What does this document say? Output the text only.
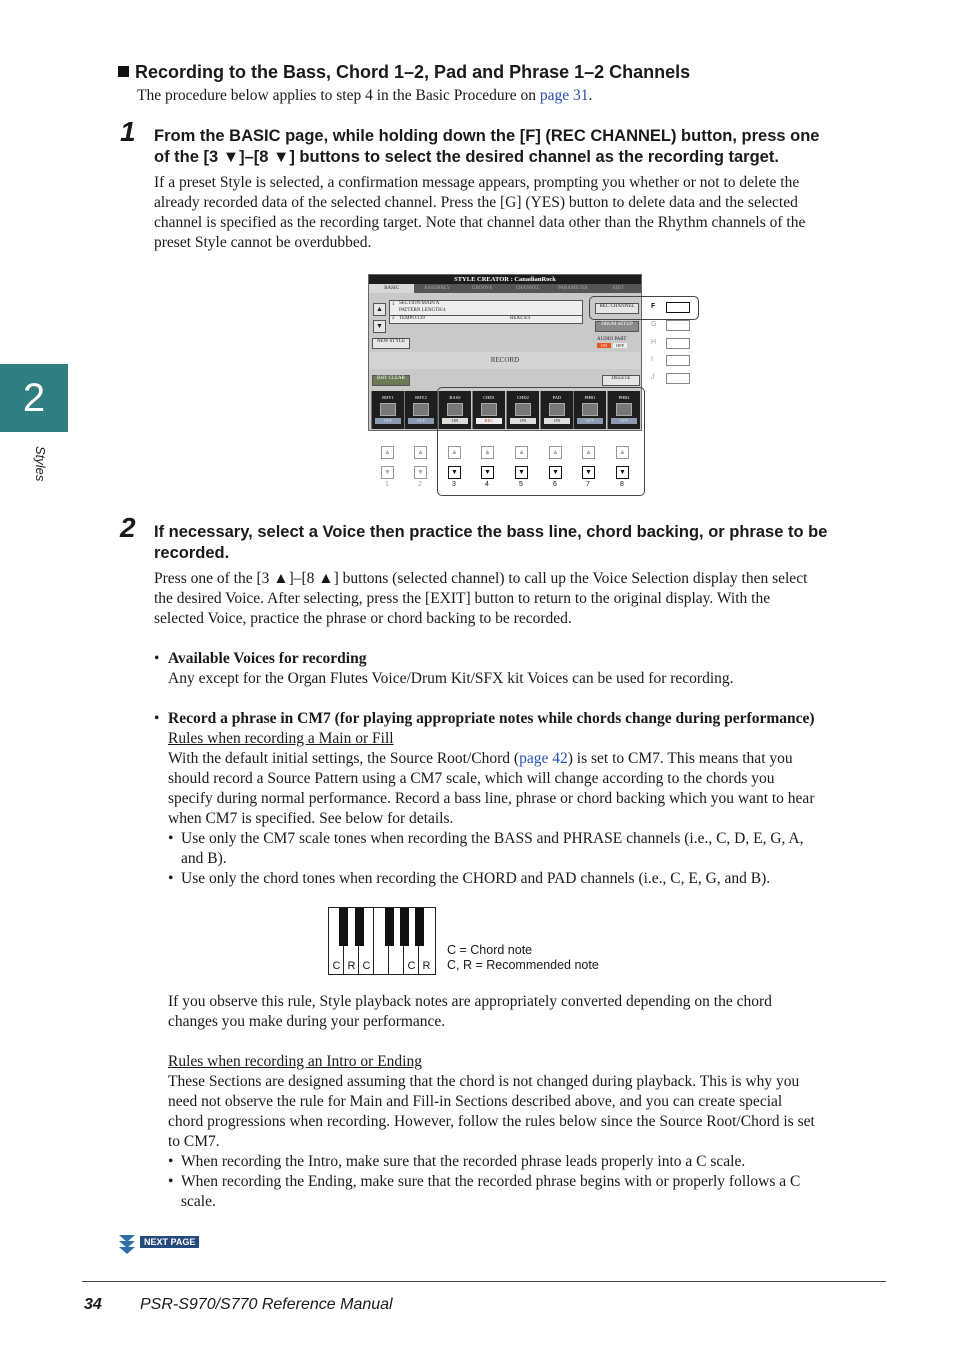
Recording to the Bass, Chord 1–2, Pad and Phrase 1–2 Channels
The procedure below applies to step 4 in the Basic Procedure on page 31.
2
Styles
1 From the BASIC page, while holding down the [F] (REC CHANNEL) button, press one
of the [3 ▼]–[8 ▼] buttons to select the desired channel as the recording target.
If a preset Style is selected, a confirmation message appears, prompting you whether or not to delete the
already recorded data of the selected channel. Press the [G] (YES) button to delete data and the selected
channel is specified as the recording target. Note that channel data other than the Rhythm channels of the
preset Style cannot be overdubbed.
STYLE CREATOR : CanadianRock
BASIC	ASSEMBLY	GROOVE	CHANNEL	PARAMETER	EDIT
▲
▼
1 SECTION:MAIN A
PATTERN LENGTH:4
2 TEMPO:139	BEAT:4/4
REC CHANNEL
DRUM SETUP
AUDIO PART
ON	OFF
NEW STYLE
RECORD
RHY CLEAR	DELETE
RHY1
OFF
RHY2
OFF
BASS
ON
CHD1
REC
CHD2
ON
PAD
ON
PHR1
OFF
PHR2
OFF
F
G
H
I
J
▲
▼
1
▲
▼
2
▲
▼
3
▲
▼
4
▲
▼
5
▲
▼
6
▲
▼
7
▲
▼
8
2 If necessary, select a Voice then practice the bass line, chord backing, or phrase to be
recorded.
Press one of the [3 ▲]–[8 ▲] buttons (selected channel) to call up the Voice Selection display then select
the desired Voice. After selecting, press the [EXIT] button to return to the original display. With the
selected Voice, practice the phrase or chord backing to be recorded.
• Available Voices for recording
Any except for the Organ Flutes Voice/Drum Kit/SFX kit Voices can be used for recording.
• Record a phrase in CM7 (for playing appropriate notes while chords change during performance)
Rules when recording a Main or Fill
With the default initial settings, the Source Root/Chord (page 42) is set to CM7. This means that you
should record a Source Pattern using a CM7 scale, which will change according to the chords you
specify during normal performance. Record a bass line, phrase or chord backing which you want to hear
when CM7 is specified. See below for details.
• Use only the CM7 scale tones when recording the BASS and PHRASE channels (i.e., C, D, E, G, A,
and B).
• Use only the chord tones when recording the CHORD and PAD channels (i.e., C, E, G, and B).
C R C	C R
C = Chord note
C, R = Recommended note
If you observe this rule, Style playback notes are appropriately converted depending on the chord
changes you make during your performance.
Rules when recording an Intro or Ending
These Sections are designed assuming that the chord is not changed during playback. This is why you
need not observe the rule for Main and Fill-in Sections described above, and you can create special
chord progressions when recording. However, follow the rules below since the Source Root/Chord is set
to CM7.
• When recording the Intro, make sure that the recorded phrase leads properly into a C scale.
• When recording the Ending, make sure that the recorded phrase begins with or properly follows a C
scale.
NEXT PAGE
34 PSR-S970/S770 Reference Manual
